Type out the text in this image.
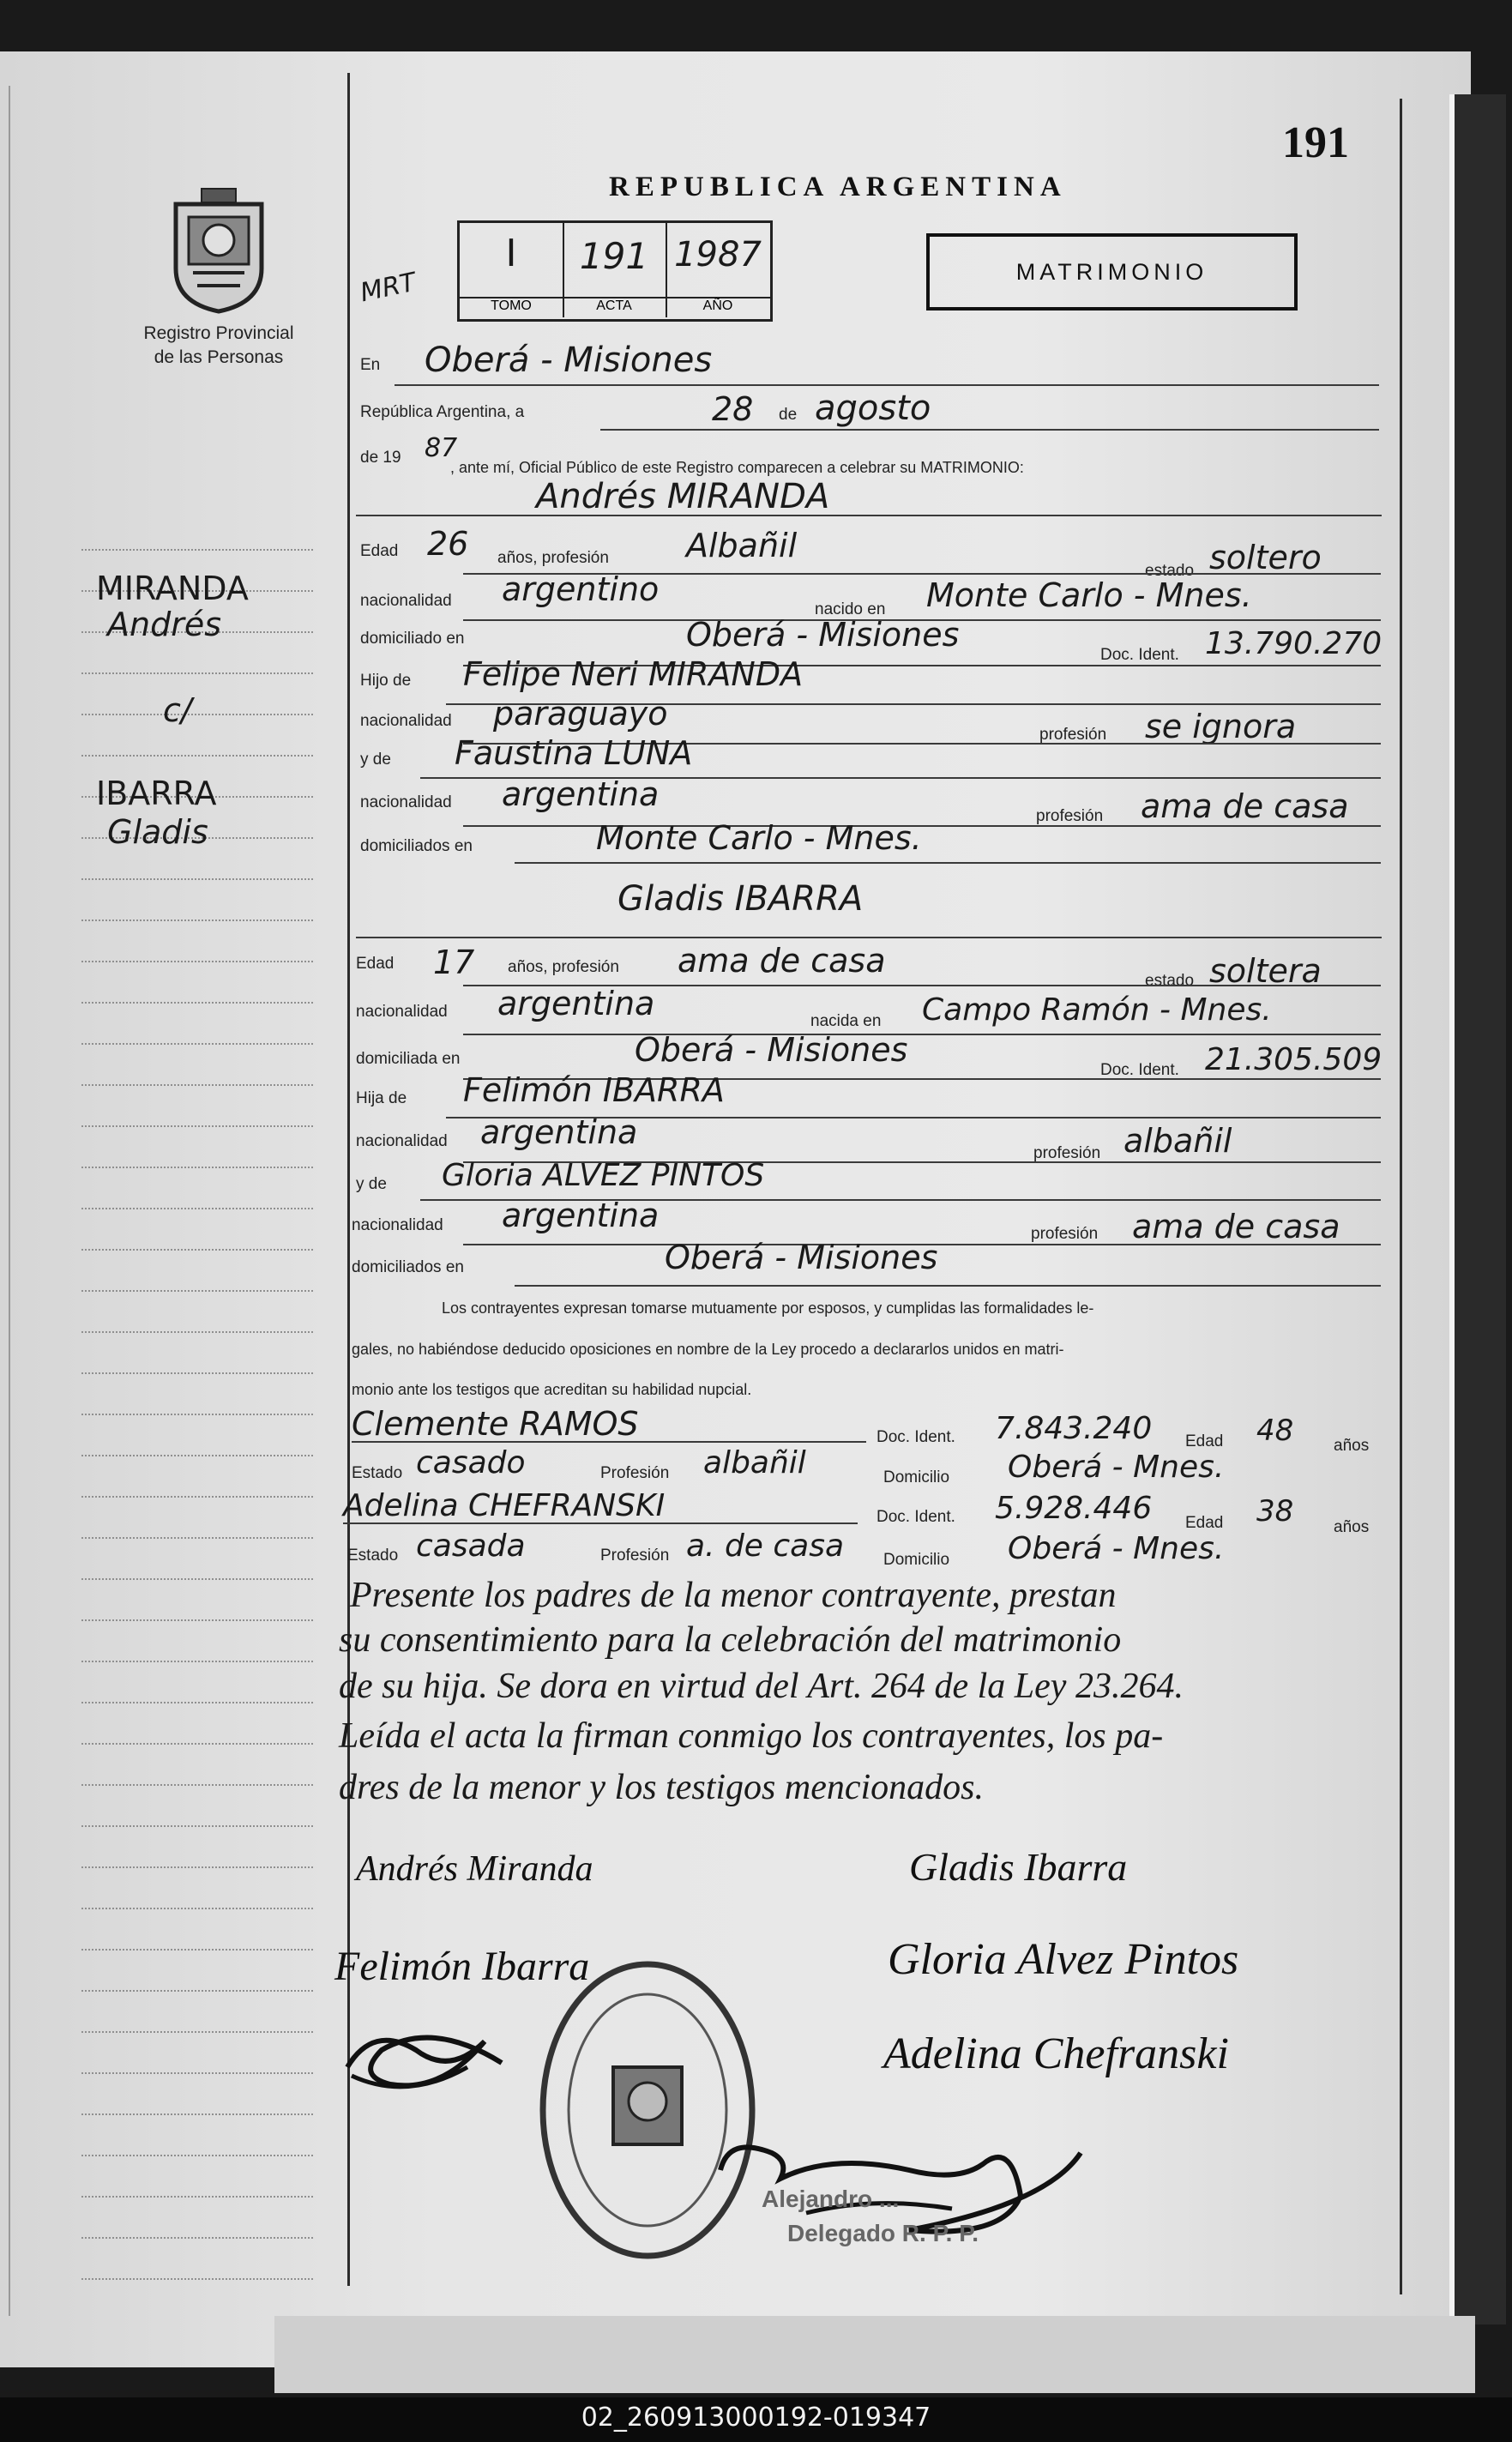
Registro Provincial
de las Personas
191
REPUBLICA ARGENTINA
MRT
I
TOMO
191
ACTA
1987
AÑO
MATRIMONIO
MIRANDA
Andrés
c/
IBARRA
Gladis
En Oberá - Misiones
República Argentina, a	28 de agosto
de 19 87
, ante mí, Oficial Público de este Registro comparecen a celebrar su MATRIMONIO:
Andrés MIRANDA
Edad 26 años, profesión Albañil
estado soltero
nacionalidad argentino
nacido en Monte Carlo - Mnes.
domiciliado en	Oberá - Misiones
Doc. Ident. 13.790.270
Hijo de Felipe Neri MIRANDA
nacionalidad paraguayo
profesión se ignora
y de Faustina LUNA
nacionalidad argentina
profesión ama de casa
domiciliados en	Monte Carlo - Mnes.
Gladis IBARRA
Edad 17 años, profesión ama de casa
estado soltera
nacionalidad argentina	nacida en Campo Ramón - Mnes.
domiciliada en	Oberá - Misiones
Doc. Ident. 21.305.509
Hija de Felimón IBARRA
nacionalidad argentina
profesión albañil
y de Gloria ALVEZ PINTOS
nacionalidad argentina	profesión ama de casa
domiciliados en	Oberá - Misiones
Los contrayentes expresan tomarse mutuamente por esposos, y cumplidas las formalidades le-
gales, no habiéndose deducido oposiciones en nombre de la Ley procedo a declararlos unidos en matri-
monio ante los testigos que acreditan su habilidad nupcial.
Clemente RAMOS	Doc. Ident. 7.843.240 Edad 48 años
Estado casado	Profesión albañil	Domicilio Oberá - Mnes.
Adelina CHEFRANSKI	Doc. Ident. 5.928.446 Edad 38 años
Estado casada	Profesión a. de casa Domicilio Oberá - Mnes.
Presente los padres de la menor contrayente, prestan
su consentimiento para la celebración del matrimonio
de su hija. Se dora en virtud del Art. 264 de la Ley 23.264.
Leída el acta la firman conmigo los contrayentes, los pa-
dres de la menor y los testigos mencionados.
Andrés Miranda	Gladis Ibarra
Felimón Ibarra	Gloria Alvez Pintos
Adelina Chefranski
Alejandro ...
Delegado R. P. P.
02_260913000192-019347
